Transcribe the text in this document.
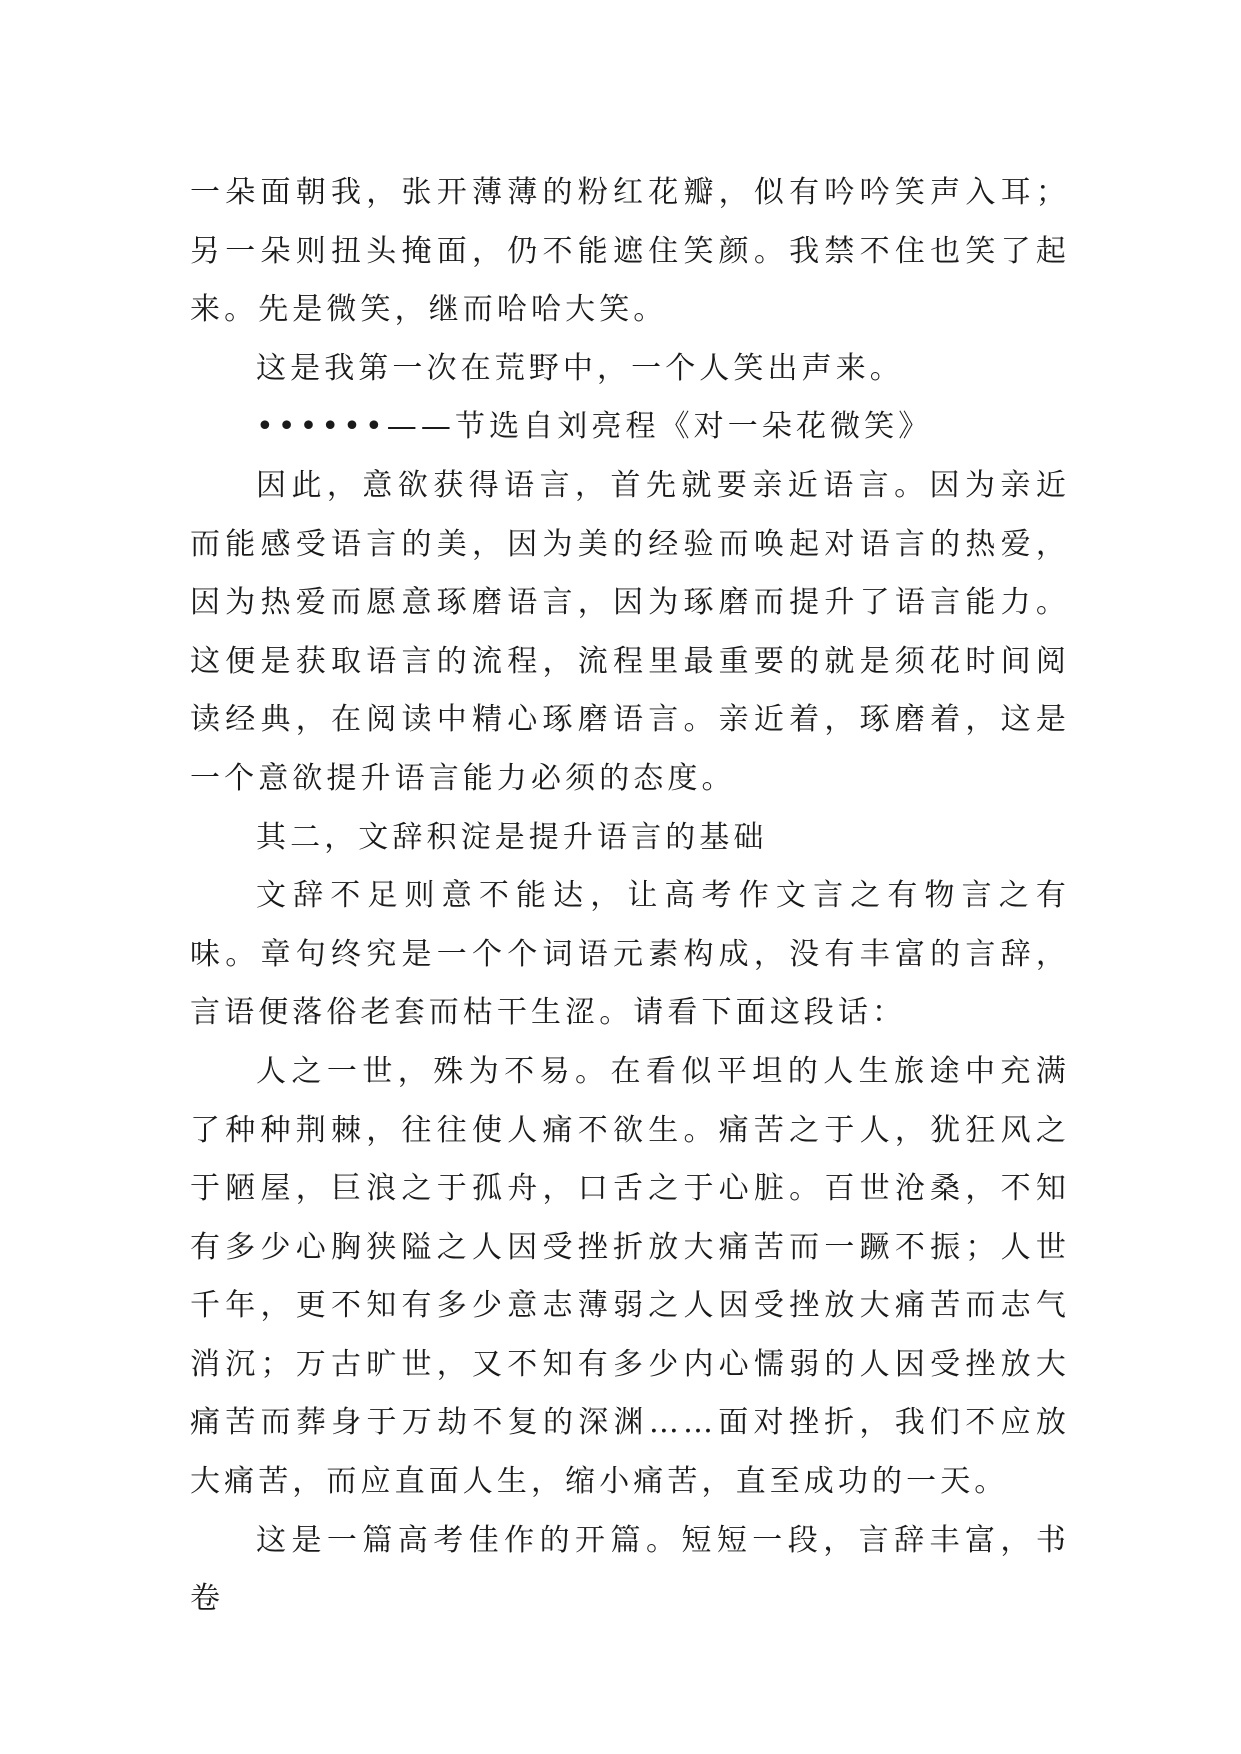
一朵面朝我，张开薄薄的粉红花瓣，似有吟吟笑声入耳；另一朵则扭头掩面，仍不能遮住笑颜。我禁不住也笑了起来。先是微笑，继而哈哈大笑。

这是我第一次在荒野中，一个人笑出声来。

••••••——节选自刘亮程《对一朵花微笑》

因此，意欲获得语言，首先就要亲近语言。因为亲近而能感受语言的美，因为美的经验而唤起对语言的热爱，因为热爱而愿意琢磨语言，因为琢磨而提升了语言能力。这便是获取语言的流程，流程里最重要的就是须花时间阅读经典，在阅读中精心琢磨语言。亲近着，琢磨着，这是一个意欲提升语言能力必须的态度。

其二，文辞积淀是提升语言的基础

文辞不足则意不能达，让高考作文言之有物言之有味。章句终究是一个个词语元素构成，没有丰富的言辞，言语便落俗老套而枯干生涩。请看下面这段话：

人之一世，殊为不易。在看似平坦的人生旅途中充满了种种荆棘，往往使人痛不欲生。痛苦之于人，犹狂风之于陋屋，巨浪之于孤舟，口舌之于心脏。百世沧桑，不知有多少心胸狭隘之人因受挫折放大痛苦而一蹶不振；人世千年，更不知有多少意志薄弱之人因受挫放大痛苦而志气消沉；万古旷世，又不知有多少内心懦弱的人因受挫放大痛苦而葬身于万劫不复的深渊……面对挫折，我们不应放大痛苦，而应直面人生，缩小痛苦，直至成功的一天。

这是一篇高考佳作的开篇。短短一段，言辞丰富，书卷
